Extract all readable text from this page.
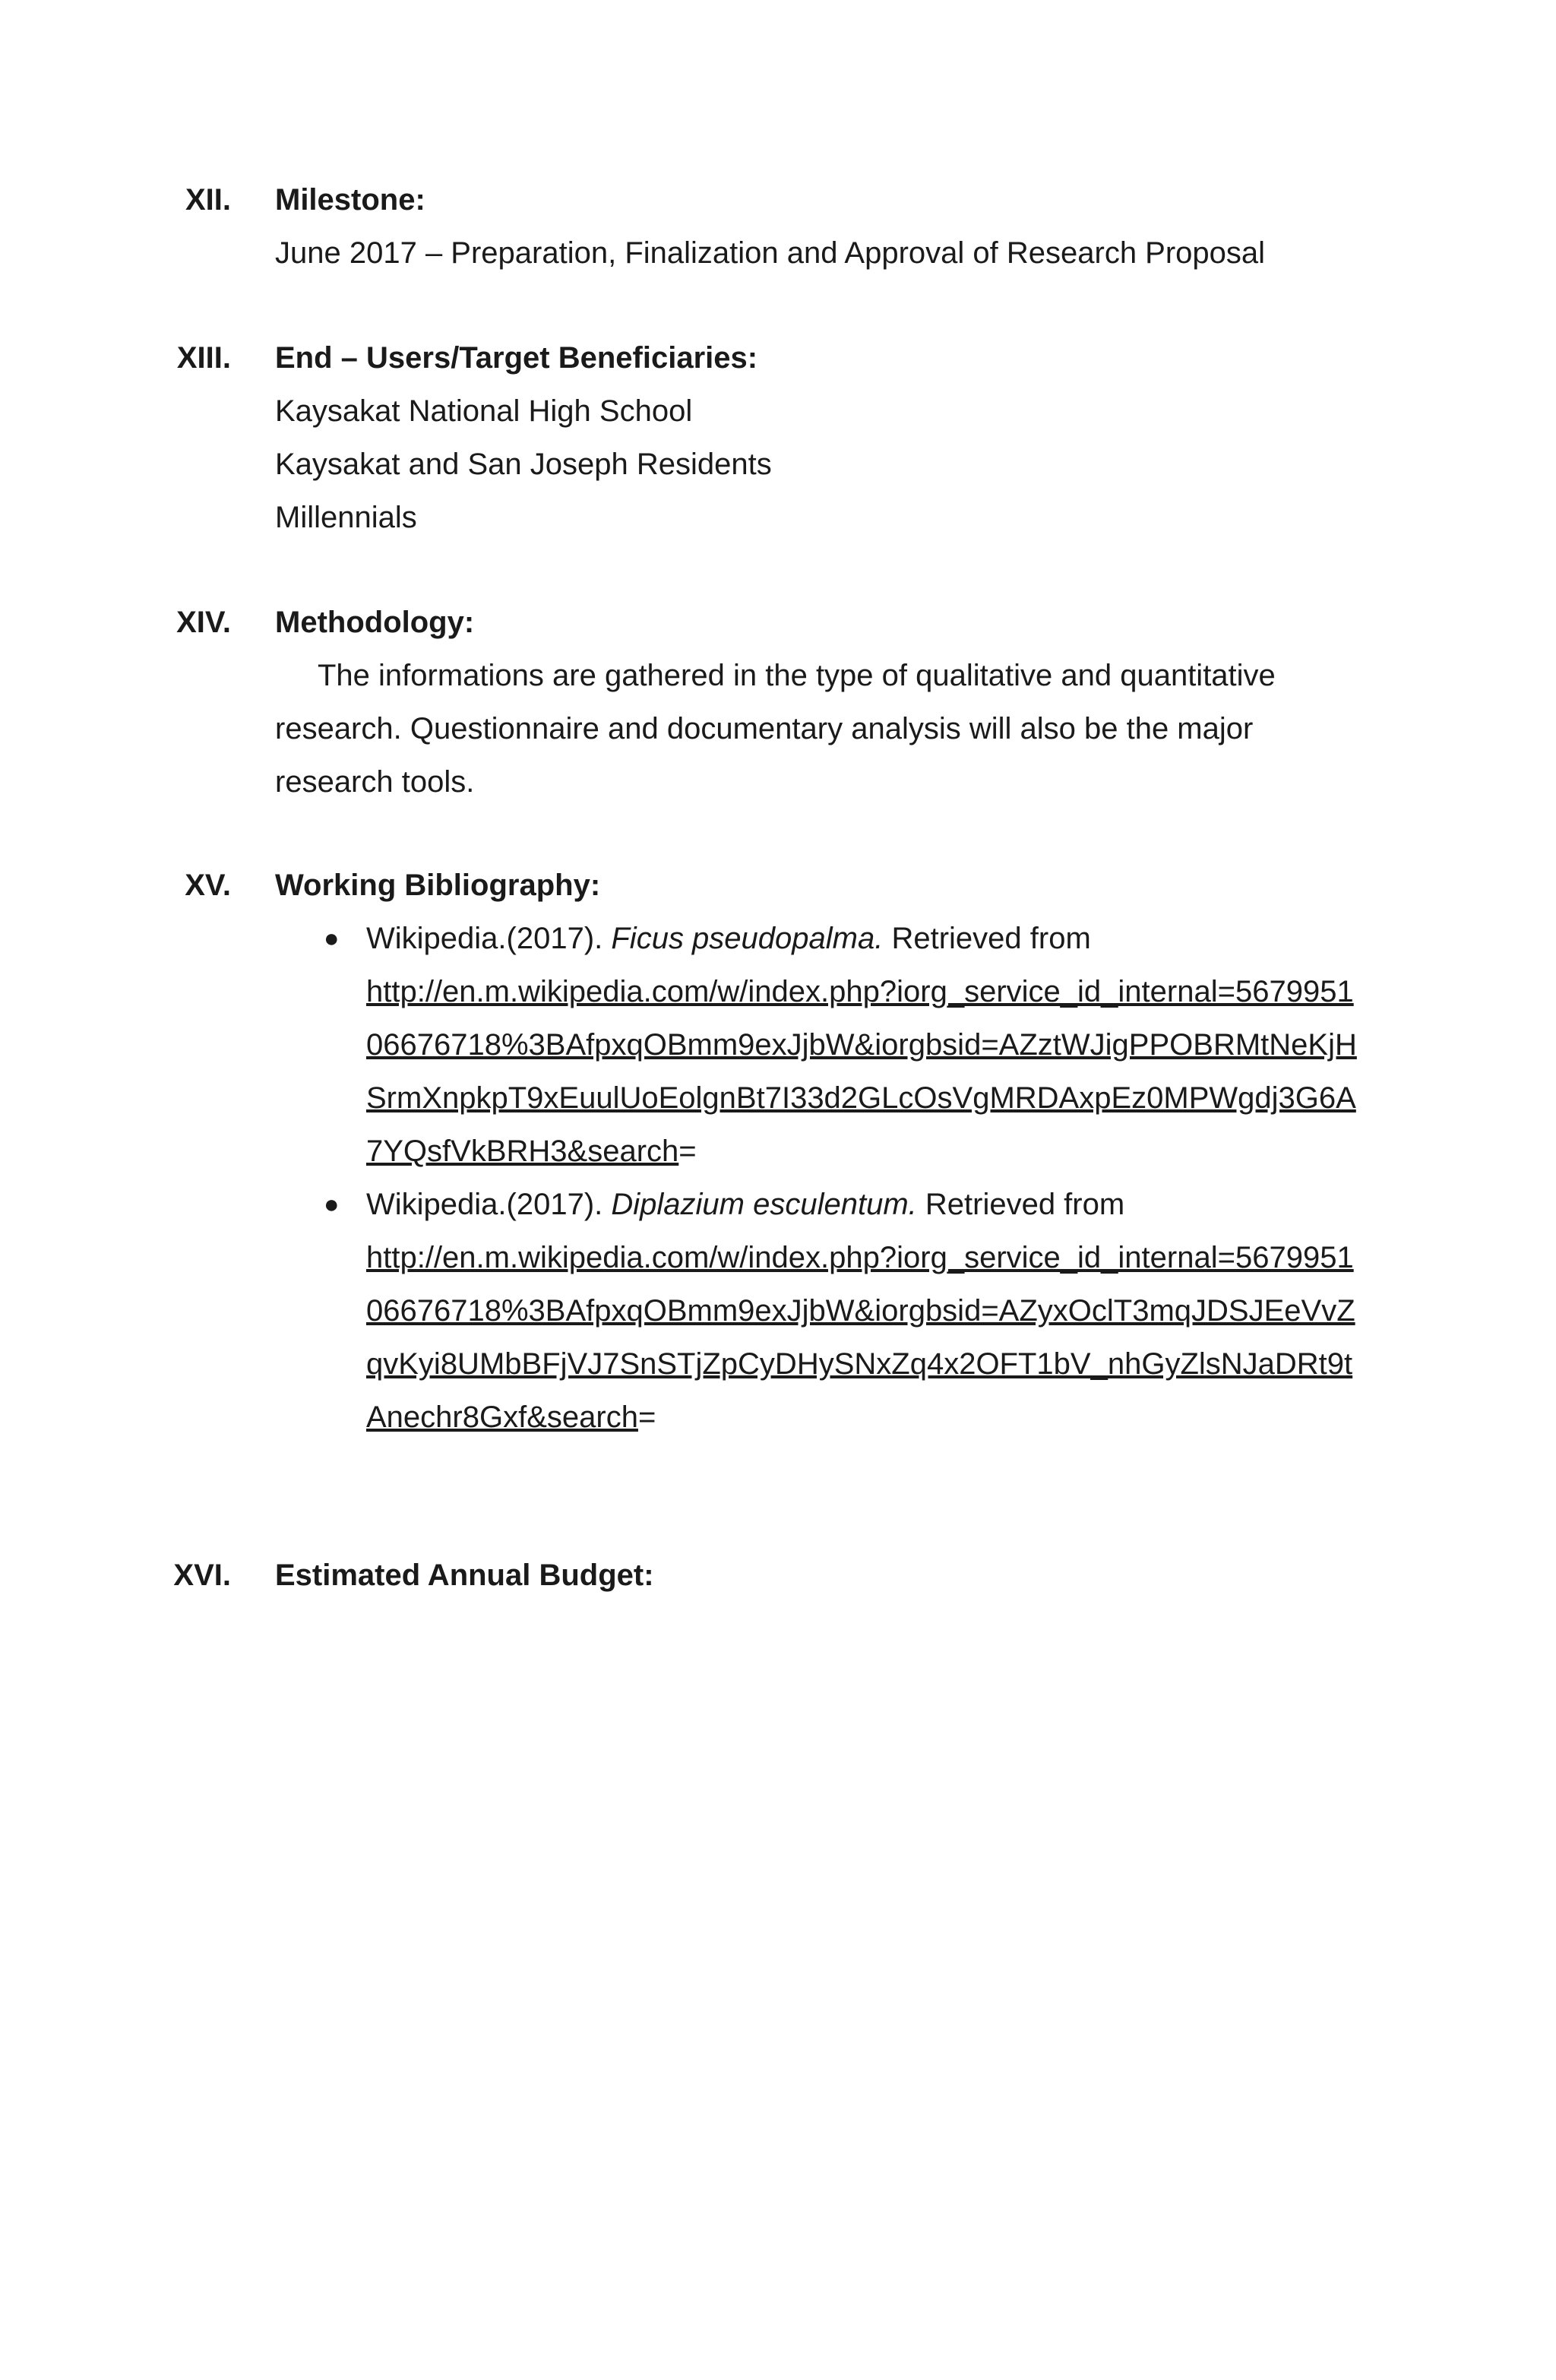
XII. Milestone:
June 2017 – Preparation, Finalization and Approval of Research Proposal
XIII. End – Users/Target Beneficiaries:
Kaysakat National High School
Kaysakat and San Joseph Residents
Millennials
XIV. Methodology:
The informations are gathered in the type of qualitative and quantitative
research. Questionnaire and documentary analysis will also be the major
research tools.
XV. Working Bibliography:
● Wikipedia.(2017). Ficus pseudopalma. Retrieved from
http://en.m.wikipedia.com/w/index.php?iorg_service_id_internal=5679951
06676718%3BAfpxqOBmm9exJjbW&iorgbsid=AZztWJigPPOBRMtNeKjH
SrmXnpkpT9xEuulUoEolgnBt7I33d2GLcOsVgMRDAxpEz0MPWgdj3G6A
7YQsfVkBRH3&search=
● Wikipedia.(2017). Diplazium esculentum. Retrieved from
http://en.m.wikipedia.com/w/index.php?iorg_service_id_internal=5679951
06676718%3BAfpxqOBmm9exJjbW&iorgbsid=AZyxOclT3mqJDSJEeVvZ
qvKyi8UMbBFjVJ7SnSTjZpCyDHySNxZq4x2OFT1bV_nhGyZlsNJaDRt9t
Anechr8Gxf&search=
XVI. Estimated Annual Budget:
